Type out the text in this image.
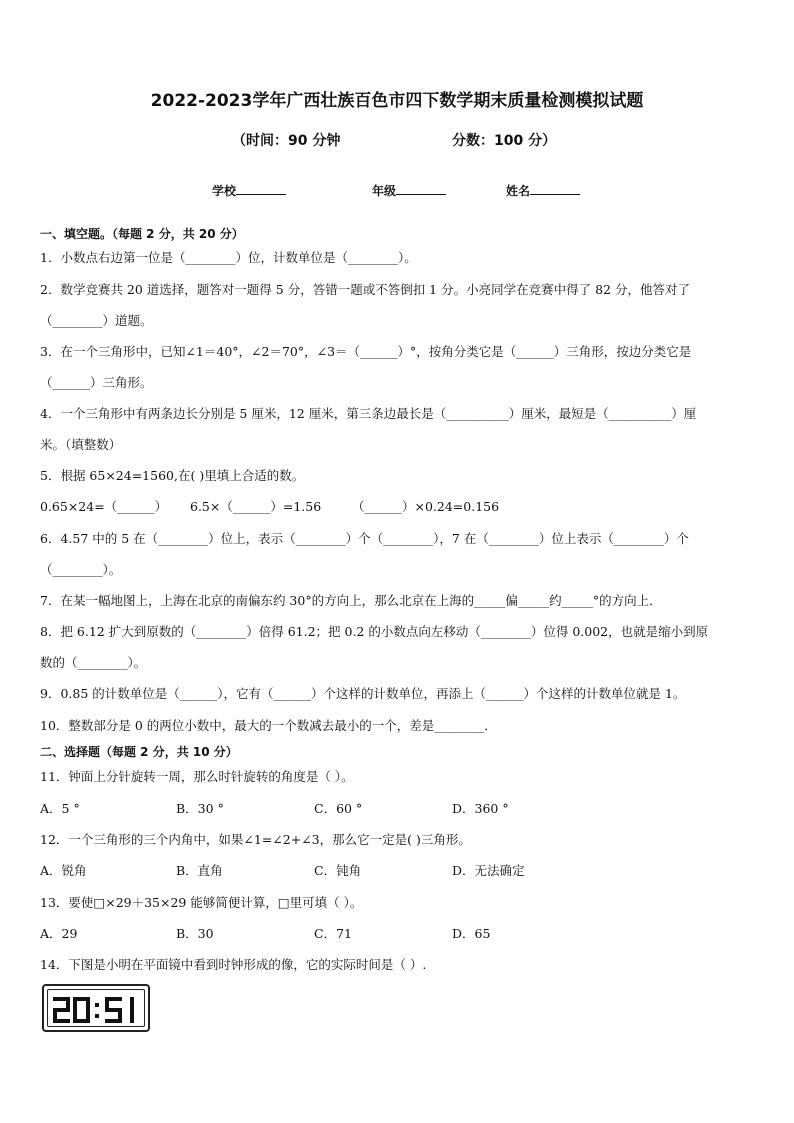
2022-2023学年广西壮族百色市四下数学期末质量检测模拟试题
（时间：90 分钟	分数：100 分）
学校	年级	姓名
一、填空题。（每题 2 分，共 20 分）
1．小数点右边第一位是（________）位，计数单位是（________）。
2．数学竞赛共 20 道选择，题答对一题得 5 分，答错一题或不答倒扣 1 分。小亮同学在竞赛中得了 82 分，他答对了
（________）道题。
3．在一个三角形中，已知∠1＝40°，∠2＝70°，∠3＝（______）°，按角分类它是（______）三角形，按边分类它是
（______）三角形。
4．一个三角形中有两条边长分别是 5 厘米，12 厘米，第三条边最长是（__________）厘米，最短是（__________）厘
米。（填整数）
5．根据 65×24=1560,在( )里填上合适的数。
0.65×24=（______） 6.5×（______）=1.56 （______）×0.24=0.156
6．4.57 中的 5 在（________）位上，表示（________）个（________），7 在（________）位上表示（________）个
（________）。
7．在某一幅地图上，上海在北京的南偏东约 30°的方向上，那么北京在上海的_____偏_____约_____°的方向上．
8．把 6.12 扩大到原数的（________）倍得 61.2；把 0.2 的小数点向左移动（________）位得 0.002，也就是缩小到原
数的（________）。
9．0.85 的计数单位是（______），它有（______）个这样的计数单位，再添上（______）个这样的计数单位就是 1。
10．整数部分是 0 的两位小数中，最大的一个数减去最小的一个，差是________．
二、选择题（每题 2 分，共 10 分）
11．钟面上分针旋转一周，那么时针旋转的角度是（ ）。
A．5 °	B．30 °	C．60 °	D．360 °
12．一个三角形的三个内角中，如果∠1=∠2+∠3，那么它一定是( )三角形。
A．锐角	B．直角	C．钝角	D．无法确定
13．要使□×29＋35×29 能够简便计算，□里可填（ ）。
A．29	B．30	C．71	D．65
14．下图是小明在平面镜中看到时钟形成的像，它的实际时间是（ ）.
